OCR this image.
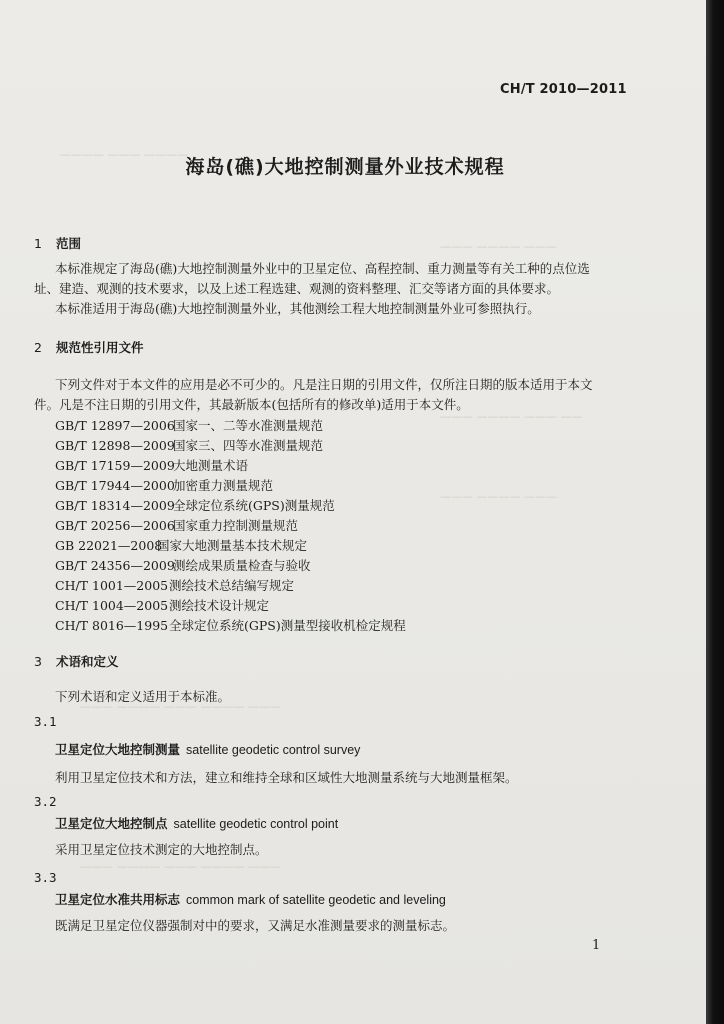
———— ——— ————
——— ———— ———
——— ———— ——— ——
——— ———— ———
——— ———— ——— ———— ———
——— ———— ——— ———— ———
CH/T 2010—2011
海岛(礁)大地控制测量外业技术规程
1 范围
本标准规定了海岛(礁)大地控制测量外业中的卫星定位、高程控制、重力测量等有关工种的点位选
址、建造、观测的技术要求，以及上述工程选建、观测的资料整理、汇交等诸方面的具体要求。
本标准适用于海岛(礁)大地控制测量外业，其他测绘工程大地控制测量外业可参照执行。
2 规范性引用文件
下列文件对于本文件的应用是必不可少的。凡是注日期的引用文件，仅所注日期的版本适用于本文
件。凡是不注日期的引用文件，其最新版本(包括所有的修改单)适用于本文件。
GB/T 12897—2006国家一、二等水准测量规范
GB/T 12898—2009国家三、四等水准测量规范
GB/T 17159—2009大地测量术语
GB/T 17944—2000加密重力测量规范
GB/T 18314—2009全球定位系统(GPS)测量规范
GB/T 20256—2006国家重力控制测量规范
GB 22021—2008国家大地测量基本技术规定
GB/T 24356—2009测绘成果质量检查与验收
CH/T 1001—2005测绘技术总结编写规定
CH/T 1004—2005测绘技术设计规定
CH/T 8016—1995全球定位系统(GPS)测量型接收机检定规程
3 术语和定义
下列术语和定义适用于本标准。
3.1
卫星定位大地控制测量 satellite geodetic control survey
利用卫星定位技术和方法，建立和维持全球和区域性大地测量系统与大地测量框架。
3.2
卫星定位大地控制点 satellite geodetic control point
采用卫星定位技术测定的大地控制点。
3.3
卫星定位水准共用标志 common mark of satellite geodetic and leveling
既满足卫星定位仪器强制对中的要求，又满足水准测量要求的测量标志。
1
